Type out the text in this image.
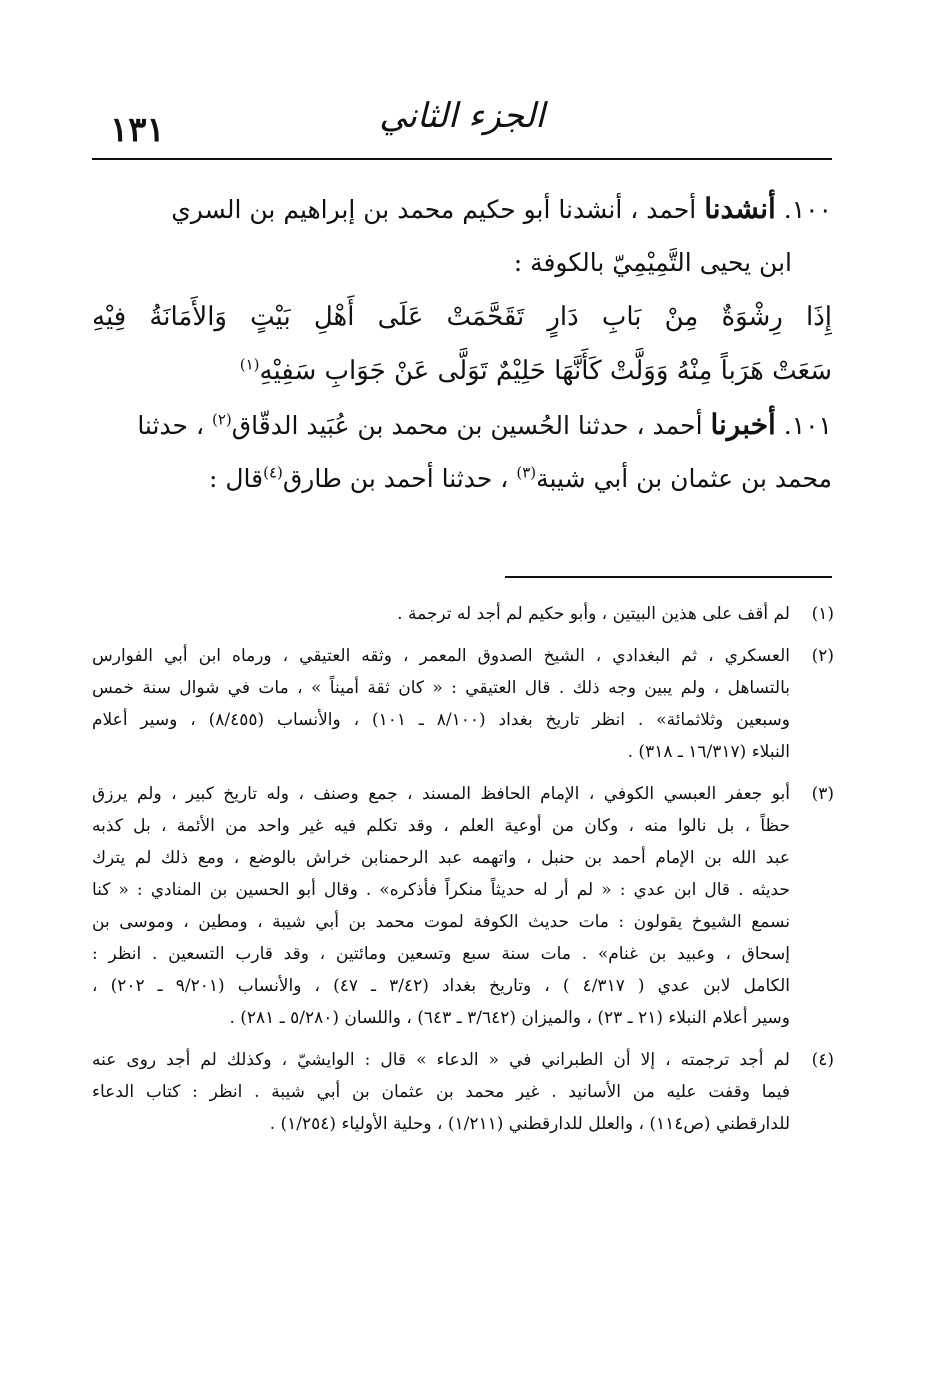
١٣١	الجزء الثاني
١٠٠. أنشدنا أحمد ، أنشدنا أبو حكيم محمد بن إبراهيم بن السري
ابن يحيى التَّمِيْمِيّ بالكوفة :
إِذَا رِشْوَةٌ مِنْ بَابِ دَارٍ تَقَحَّمَتْ عَلَى أَهْلِ بَيْتٍ وَالأَمَانَةُ فِيْهِ
سَعَتْ هَرَباً مِنْهُ وَوَلَّتْ كَأَنَّهَا حَلِيْمٌ تَوَلَّى عَنْ جَوَابِ سَفِيْهِ$^{(١)}$
١٠١. أخبرنا أحمد ، حدثنا الحُسين بن محمد بن عُبَيد الدقّاق$^{(٢)}$ ، حدثنا
محمد بن عثمان بن أبي شيبة$^{(٣)}$ ، حدثنا أحمد بن طارق$^{(٤)}$قال :
(١)
لم أقف على هذين البيتين ، وأبو حكيم لم أجد له ترجمة .
(٢)
العسكري ، ثم البغدادي ، الشيخ الصدوق المعمر ، وثقه العتيقي ، ورماه ابن أبي الفوارس
بالتساهل ، ولم يبين وجه ذلك . قال العتيقي : « كان ثقة أميناً » ، مات في شوال سنة خمس
وسبعين وثلاثمائة» . انظر تاريخ بغداد (٨/١٠٠ ـ ١٠١) ، والأنساب (٨/٤٥٥) ، وسير أعلام
النبلاء (١٦/٣١٧ ـ ٣١٨) .
(٣)
أبو جعفر العبسي الكوفي ، الإمام الحافظ المسند ، جمع وصنف ، وله تاريخ كبير ، ولم يرزق
حظاً ، بل نالوا منه ، وكان من أوعية العلم ، وقد تكلم فيه غير واحد من الأئمة ، بل كذبه
عبد الله بن الإمام أحمد بن حنبل ، واتهمه عبد الرحمنابن خراش بالوضع ، ومع ذلك لم يترك
حديثه . قال ابن عدي : « لم أر له حديثاً منكراً فأذكره» . وقال أبو الحسين بن المنادي : « كنا
نسمع الشيوخ يقولون : مات حديث الكوفة لموت محمد بن أبي شيبة ، ومطين ، وموسى بن
إسحاق ، وعبيد بن غنام» . مات سنة سبع وتسعين ومائتين ، وقد قارب التسعين . انظر :
الكامل لابن عدي ( ٤/٣١٧ ) ، وتاريخ بغداد (٣/٤٢ ـ ٤٧) ، والأنساب (٩/٢٠١ ـ ٢٠٢) ،
وسير أعلام النبلاء (٢١ ـ ٢٣) ، والميزان (٣/٦٤٢ ـ ٦٤٣) ، واللسان (٥/٢٨٠ ـ ٢٨١) .
(٤)
لم أجد ترجمته ، إلا أن الطبراني في « الدعاء » قال : الوايشيّ ، وكذلك لم أجد روى عنه
فيما وقفت عليه من الأسانيد . غير محمد بن عثمان بن أبي شيبة . انظر : كتاب الدعاء
للدارقطني (ص١١٤) ، والعلل للدارقطني (١/٢١١) ، وحلية الأولياء (١/٢٥٤) .
